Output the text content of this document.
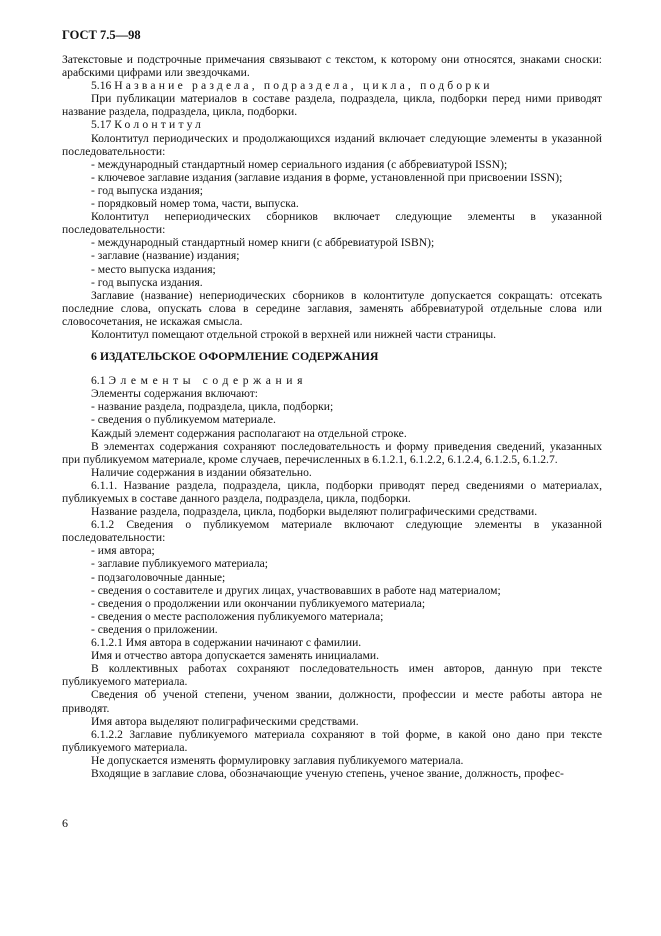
ГОСТ 7.5—98

Затекстовые и подстрочные примечания связывают с текстом, к которому они относятся, знаками сноски: арабскими цифрами или звездочками.

5.16 Название раздела, подраздела, цикла, подборки

При публикации материалов в составе раздела, подраздела, цикла, подборки перед ними приводят название раздела, подраздела, цикла, подборки.

5.17 Колонтитул

Колонтитул периодических и продолжающихся изданий включает следующие элементы в указанной последовательности:

- международный стандартный номер сериального издания (с аббревиатурой ISSN);

- ключевое заглавие издания (заглавие издания в форме, установленной при присвоении ISSN);

- год выпуска издания;

- порядковый номер тома, части, выпуска.

Колонтитул непериодических сборников включает следующие элементы в указанной последовательности:

- международный стандартный номер книги (с аббревиатурой ISBN);

- заглавие (название) издания;

- место выпуска издания;

- год выпуска издания.

Заглавие (название) непериодических сборников в колонтитуле допускается сокращать: отсекать последние слова, опускать слова в середине заглавия, заменять аббревиатурой отдельные слова или словосочетания, не искажая смысла.

Колонтитул помещают отдельной строкой в верхней или нижней части страницы.

6 ИЗДАТЕЛЬСКОЕ ОФОРМЛЕНИЕ СОДЕРЖАНИЯ

6.1 Элементы содержания

Элементы содержания включают:

- название раздела, подраздела, цикла, подборки;

- сведения о публикуемом материале.

Каждый элемент содержания располагают на отдельной строке.

В элементах содержания сохраняют последовательность и форму приведения сведений, указанных при публикуемом материале, кроме случаев, перечисленных в 6.1.2.1, 6.1.2.2, 6.1.2.4, 6.1.2.5, 6.1.2.7.

Наличие содержания в издании обязательно.

6.1.1. Название раздела, подраздела, цикла, подборки приводят перед сведениями о материалах, публикуемых в составе данного раздела, подраздела, цикла, подборки.

Название раздела, подраздела, цикла, подборки выделяют полиграфическими средствами.

6.1.2 Сведения о публикуемом материале включают следующие элементы в указанной последовательности:

- имя автора;

- заглавие публикуемого материала;

- подзаголовочные данные;

- сведения о составителе и других лицах, участвовавших в работе над материалом;

- сведения о продолжении или окончании публикуемого материала;

- сведения о месте расположения публикуемого материала;

- сведения о приложении.

6.1.2.1 Имя автора в содержании начинают с фамилии.

Имя и отчество автора допускается заменять инициалами.

В коллективных работах сохраняют последовательность имен авторов, данную при тексте публикуемого материала.

Сведения об ученой степени, ученом звании, должности, профессии и месте работы автора не приводят.

Имя автора выделяют полиграфическими средствами.

6.1.2.2 Заглавие публикуемого материала сохраняют в той форме, в какой оно дано при тексте публикуемого материала.

Не допускается изменять формулировку заглавия публикуемого материала.

Входящие в заглавие слова, обозначающие ученую степень, ученое звание, должность, профес-

6
